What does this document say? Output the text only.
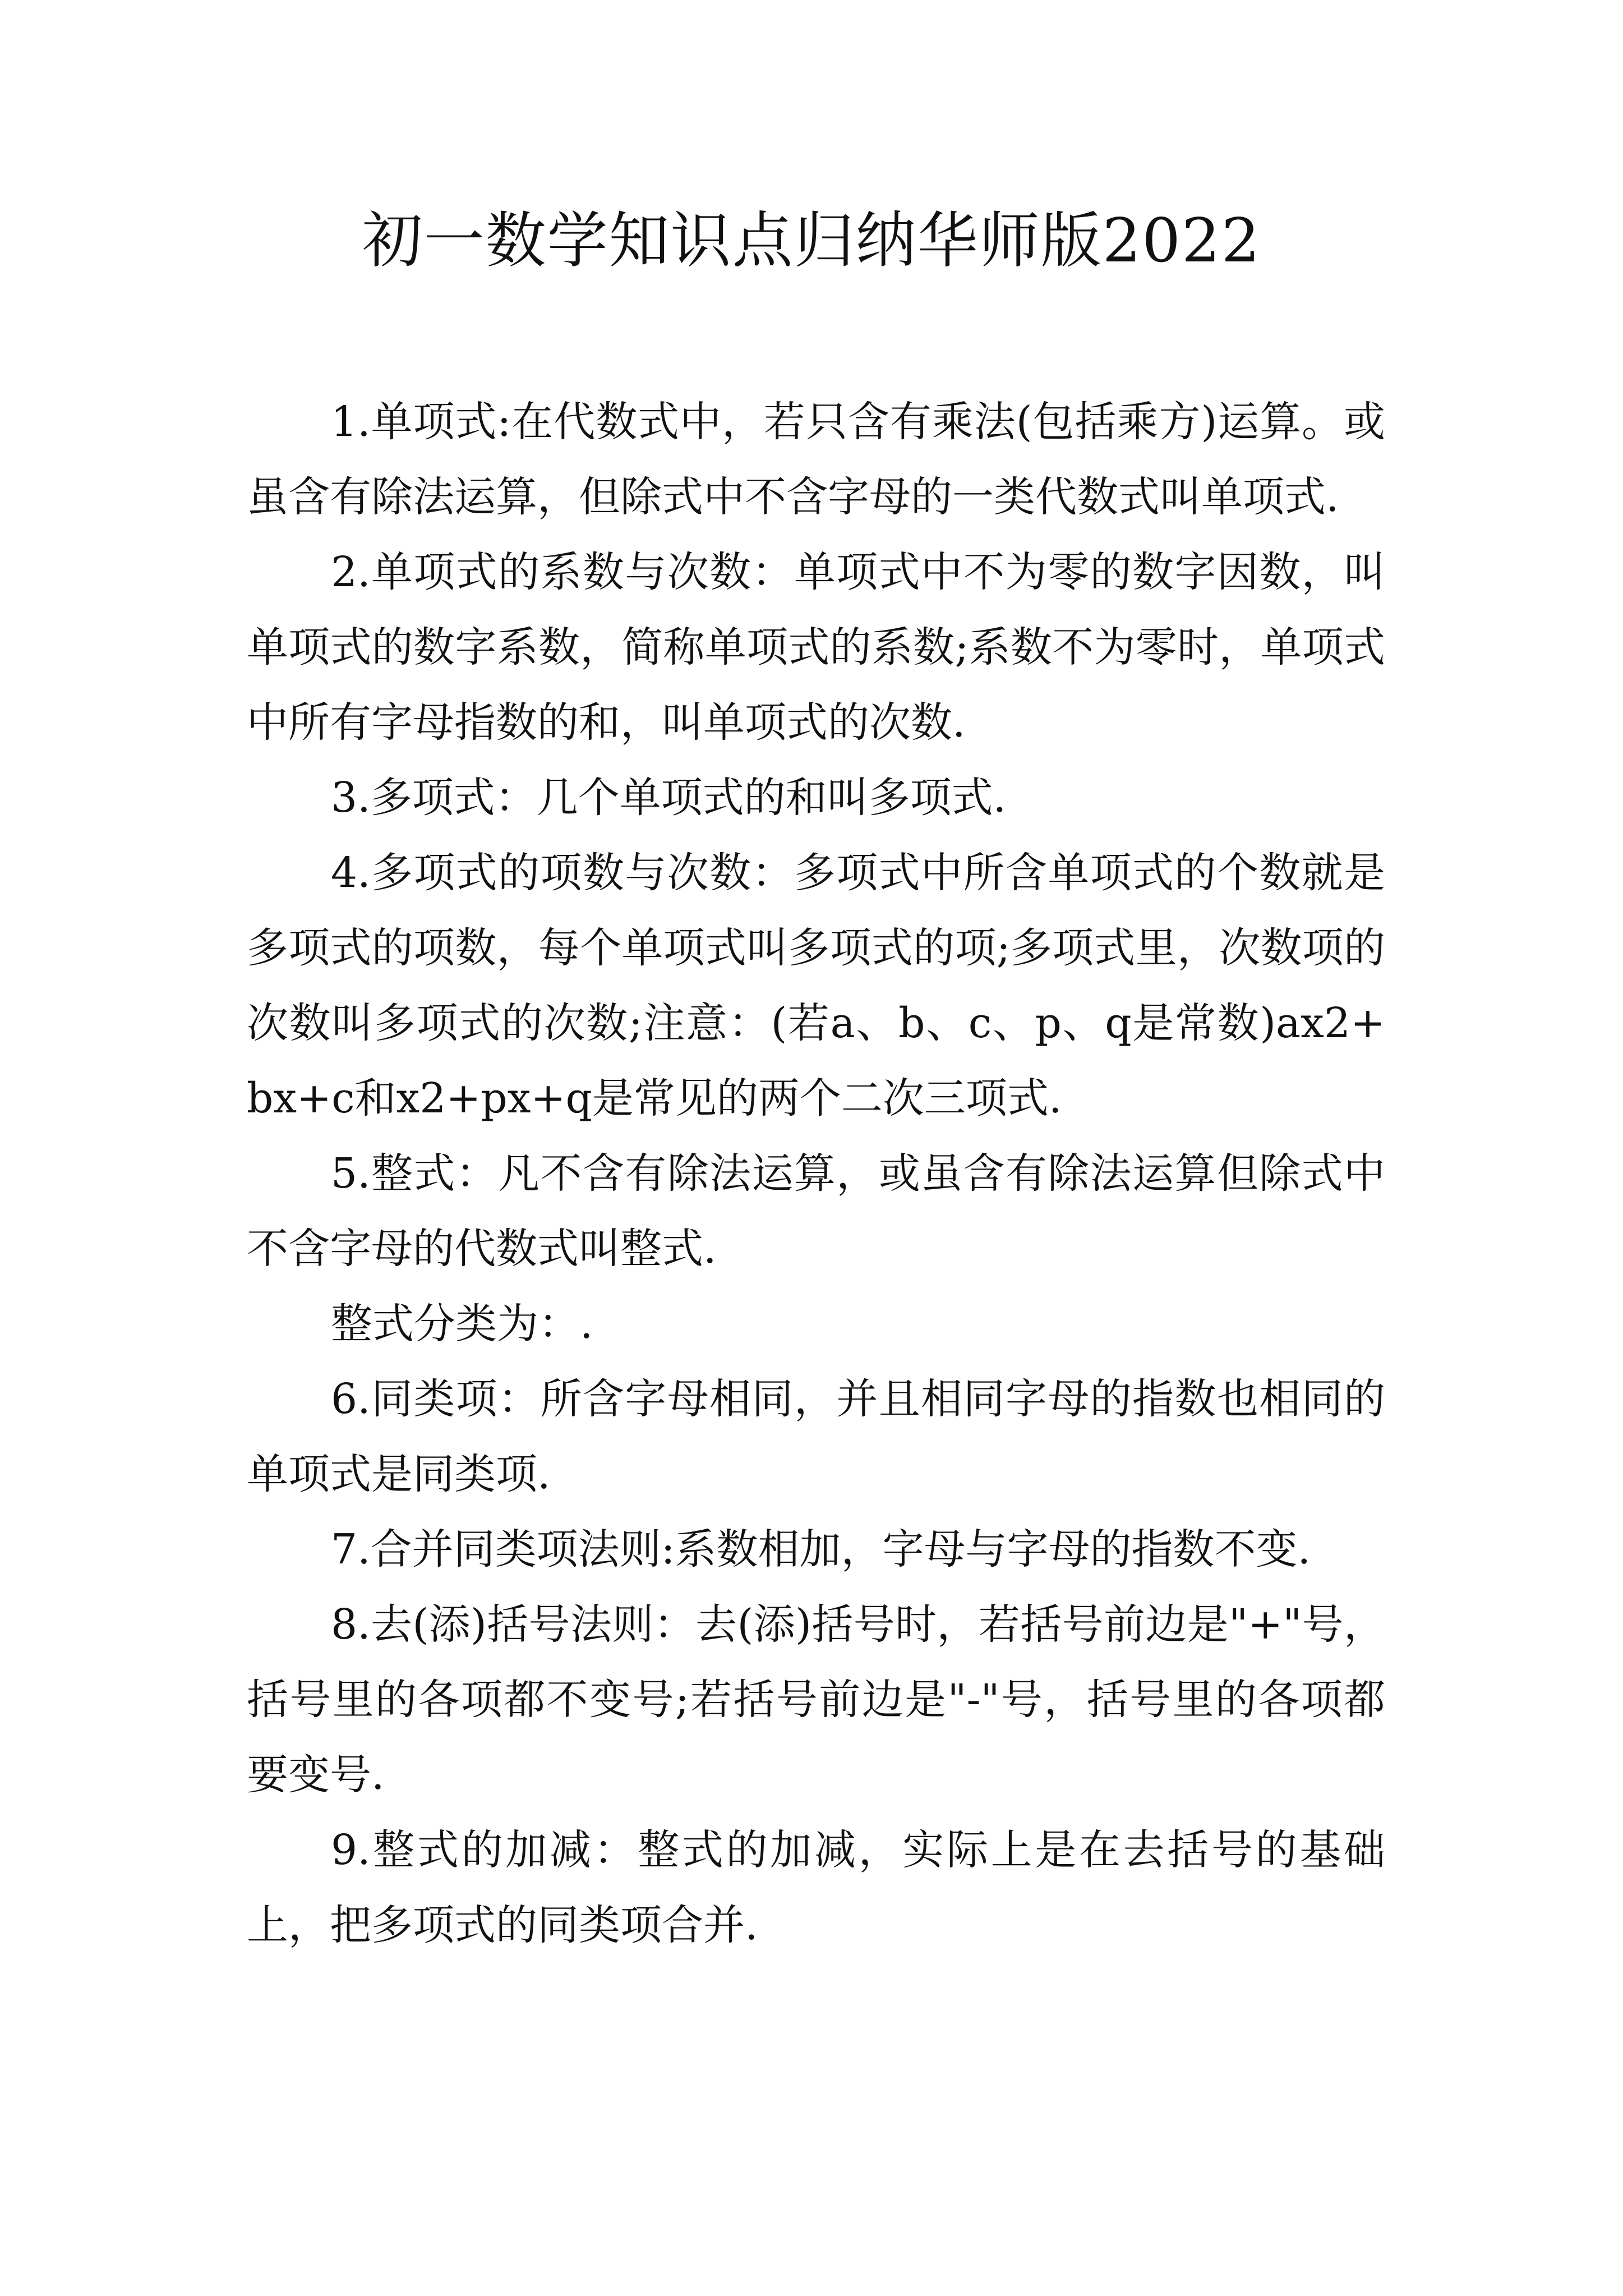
初一数学知识点归纳华师版2022

1.单项式:在代数式中，若只含有乘法(包括乘方)运算。或虽含有除法运算，但除式中不含字母的一类代数式叫单项式.

2.单项式的系数与次数：单项式中不为零的数字因数，叫单项式的数字系数，简称单项式的系数;系数不为零时，单项式中所有字母指数的和，叫单项式的次数.

3.多项式：几个单项式的和叫多项式.

4.多项式的项数与次数：多项式中所含单项式的个数就是多项式的项数，每个单项式叫多项式的项;多项式里，次数项的次数叫多项式的次数;注意：(若a、b、c、p、q是常数)ax2+bx+c和x2+px+q是常见的两个二次三项式.

5.整式：凡不含有除法运算，或虽含有除法运算但除式中不含字母的代数式叫整式.

整式分类为：.

6.同类项：所含字母相同，并且相同字母的指数也相同的单项式是同类项.

7.合并同类项法则:系数相加，字母与字母的指数不变.

8.去(添)括号法则：去(添)括号时，若括号前边是"+"号，括号里的各项都不变号;若括号前边是"-"号，括号里的各项都要变号.

9.整式的加减：整式的加减，实际上是在去括号的基础上，把多项式的同类项合并.
